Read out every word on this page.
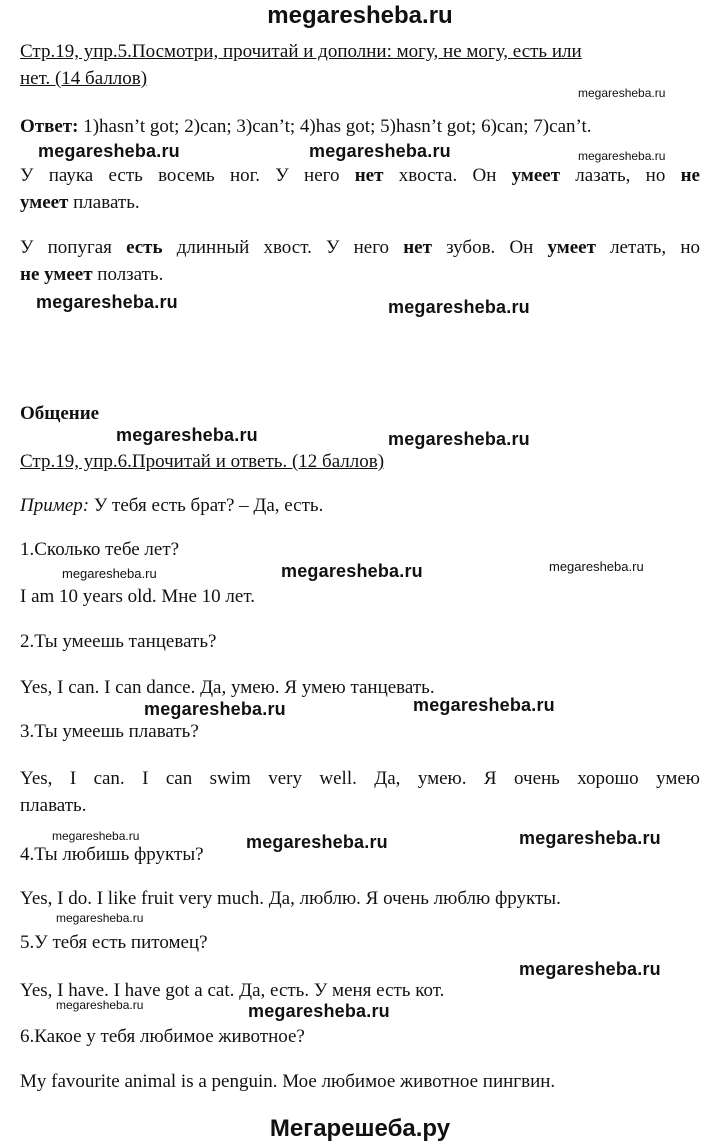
megaresheba.ru
Стр.19, упр.5.Посмотри, прочитай и дополни: могу, не могу, есть или
нет. (14 баллов)
megaresheba.ru
Ответ: 1)hasn’t got; 2)can; 3)can’t; 4)has got; 5)hasn’t got; 6)can; 7)can’t.
megaresheba.ru	megaresheba.ru	megaresheba.ru
У паука есть восемь ног. У него нет хвоста. Он умеет лазать, но не
умеет плавать.
У попугая есть длинный хвост. У него нет зубов. Он умеет летать, но
не умеет ползать.
megaresheba.ru	megaresheba.ru
Общение
megaresheba.ru	megaresheba.ru
Стр.19, упр.6.Прочитай и ответь. (12 баллов)
Пример: У тебя есть брат? – Да, есть.
1.Сколько тебе лет?
megaresheba.ru	megaresheba.ru	megaresheba.ru
I am 10 years old. Мне 10 лет.
2.Ты умеешь танцевать?
Yes, I can. I can dance. Да, умею. Я умею танцевать.
megaresheba.ru	megaresheba.ru
3.Ты умеешь плавать?
Yes, I can. I can swim very well. Да, умею. Я очень хорошо умею
плавать.
megaresheba.ru	megaresheba.ru	megaresheba.ru
4.Ты любишь фрукты?
Yes, I do. I like fruit very much. Да, люблю. Я очень люблю фрукты.
megaresheba.ru
5.У тебя есть питомец?
megaresheba.ru
Yes, I have. I have got a cat. Да, есть. У меня есть кот.
megaresheba.ru	megaresheba.ru
6.Какое у тебя любимое животное?
My favourite animal is a penguin. Мое любимое животное пингвин.
Мегарешеба.ру
